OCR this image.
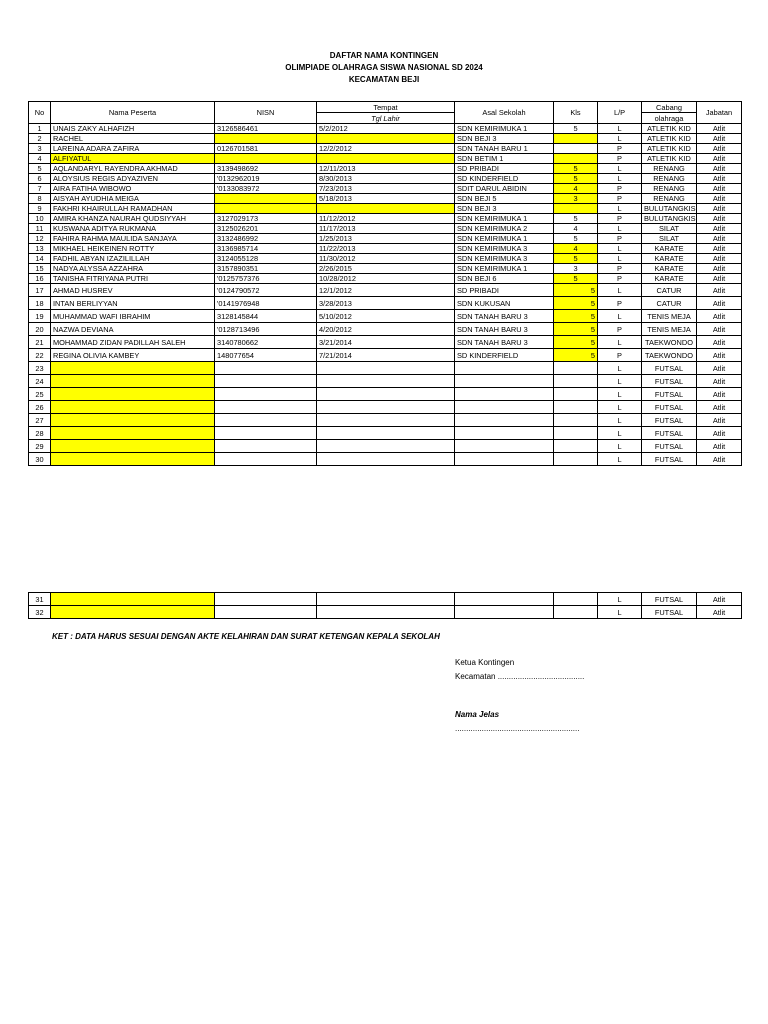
DAFTAR NAMA KONTINGEN
OLIMPIADE OLAHRAGA SISWA NASIONAL SD 2024
KECAMATAN BEJI
No	Nama Peserta	NISN	Tempat	Asal Sekolah	Kls	L/P	Cabang	Jabatan
			Tgl Lahir				olahraga	
1	UNAIS ZAKY ALHAFIZH	3126586461	5/2/2012	SDN KEMIRIMUKA 1	5	L	ATLETIK KID	Atlit
2	RACHEL			SDN BEJI 3		L	ATLETIK KID	Atlit
3	LAREINA ADARA ZAFIRA	0126701581	12/2/2012	SDN TANAH BARU 1		P	ATLETIK KID	Atlit
4	ALFIYATUL			SDN BETIM 1		P	ATLETIK KID	Atlit
5	AQLANDARYL RAYENDRA AKHMAD	3139498692	12/11/2013	SD PRIBADI	5	L	RENANG	Atlit
6	ALOYSIUS REGIS ADYAZIVEN	'0132962019	8/30/2013	SD KINDERFIELD	5	L	RENANG	Atlit
7	AIRA FATIHA WIBOWO	'0133083972	7/23/2013	SDIT DARUL ABIDIN	4	P	RENANG	Atlit
8	AISYAH AYUDHIA MEIGA		5/18/2013	SDN BEJI 5	3	P	RENANG	Atlit
9	FAKHRI KHAIRULLAH RAMADHAN			SDN BEJI 3		L	BULUTANGKIS	Atlit
10	AMIRA KHANZA NAURAH QUDSIYYAH	3127029173	11/12/2012	SDN KEMIRIMUKA 1	5	P	BULUTANGKIS	Atlit
11	KUSWANA ADITYA RUKMANA	3125026201	11/17/2013	SDN KEMIRIMUKA 2	4	L	SILAT	Atlit
12	FAHIRA RAHMA MAULIDA SANJAYA	3132486992	1/25/2013	SDN KEMIRIMUKA 1	5	P	SILAT	Atlit
13	MIKHAEL HEIKEINEN ROTTY	3136985714	11/22/2013	SDN KEMIRIMUKA 3	4	L	KARATE	Atlit
14	FADHIL ABYAN IZAZILILLAH	3124055128	11/30/2012	SDN KEMIRIMUKA 3	5	L	KARATE	Atlit
15	NADYA ALYSSA AZZAHRA	3157890351	2/26/2015	SDN KEMIRIMUKA 1	3	P	KARATE	Atlit
16	TANISHA FITRIYANA PUTRI	'0125757376	10/28/2012	SDN BEJI 6	5	P	KARATE	Atlit
17	AHMAD HUSREV	'0124790572	12/1/2012	SD PRIBADI	5	L	CATUR	Atlit
18	INTAN BERLIYYAN	'0141976948	3/28/2013	SDN KUKUSAN	5	P	CATUR	Atlit
19	MUHAMMAD WAFI IBRAHIM	3128145844	5/10/2012	SDN TANAH BARU 3	5	L	TENIS MEJA	Atlit
20	NAZWA DEVIANA	'0128713496	4/20/2012	SDN TANAH BARU 3	5	P	TENIS MEJA	Atlit
21	MOHAMMAD ZIDAN PADILLAH SALEH	3140780662	3/21/2014	SDN TANAH BARU 3	5	L	TAEKWONDO	Atlit
22	REGINA OLIVIA KAMBEY	148077654	7/21/2014	SD KINDERFIELD	5	P	TAEKWONDO	Atlit
23						L	FUTSAL	Atlit
24						L	FUTSAL	Atlit
25						L	FUTSAL	Atlit
26						L	FUTSAL	Atlit
27						L	FUTSAL	Atlit
28						L	FUTSAL	Atlit
29						L	FUTSAL	Atlit
30						L	FUTSAL	Atlit
31						L	FUTSAL	Atlit
32						L	FUTSAL	Atlit
KET : DATA HARUS SESUAI DENGAN AKTE KELAHIRAN DAN SURAT KETENGAN KEPALA SEKOLAH
Ketua Kontingen
Kecamatan .......................................
Nama Jelas
........................................................
